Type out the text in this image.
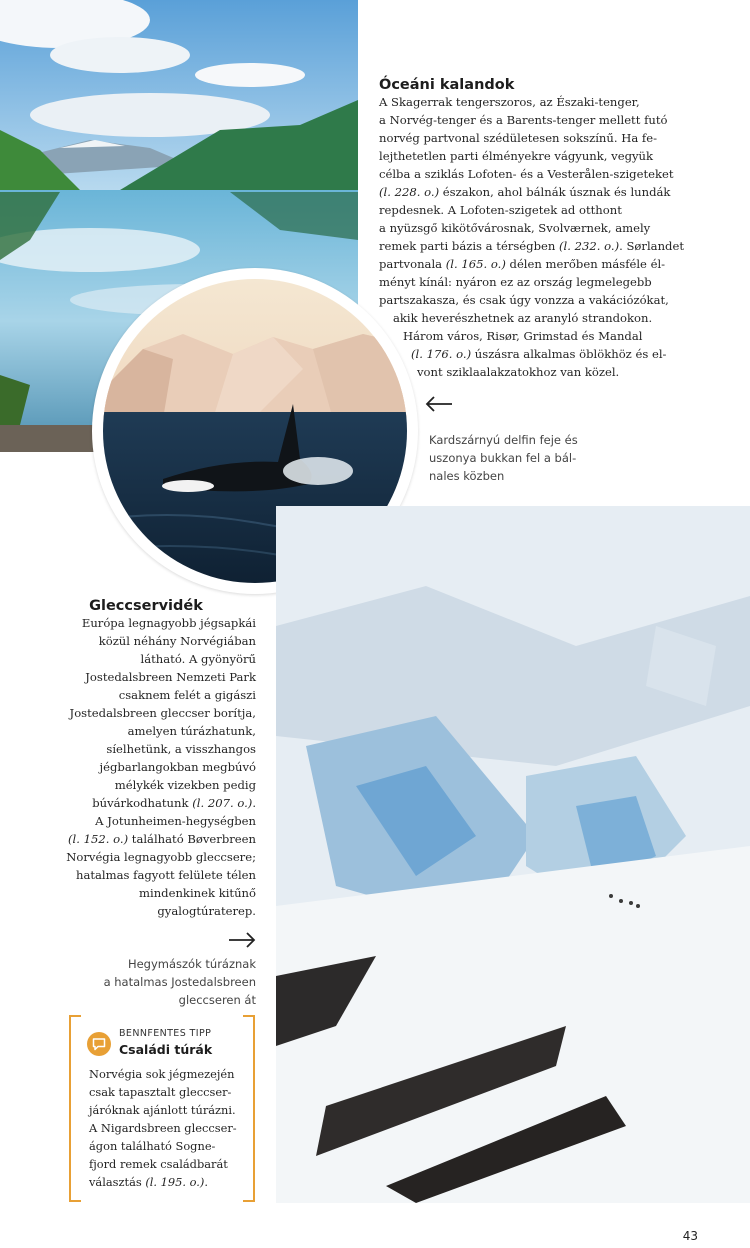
Óceáni kalandok

A Skagerrak tengerszoros, az Északi-tenger,
a Norvég-tenger és a Barents-tenger mellett futó
norvég partvonal szédületesen sokszínű. Ha fe-
lejthetetlen parti élményekre vágyunk, vegyük
célba a sziklás Lofoten- és a Vesterålen-szigeteket
(l. 228. o.) északon, ahol bálnák úsznak és lundák
repdesnek. A Lofoten-szigetek ad otthont
a nyüzsgő kikötővárosnak, Svolværnek, amely
remek parti bázis a térségben (l. 232. o.). Sørlandet
partvonala (l. 165. o.) délen merőben másféle él-
ményt kínál: nyáron ez az ország legmelegebb
partszakasza, és csak úgy vonzza a vakációzókat,
akik heverészhetnek az aranyló strandokon.
Három város, Risør, Grimstad és Mandal
(l. 176. o.) úszásra alkalmas öblökhöz és el-
vont sziklaalakzatokhoz van közel.

Kardszárnyú delfin feje és
uszonya bukkan fel a bál-
nales közben

Gleccservidék

Európa legnagyobb jégsapkái
közül néhány Norvégiában
látható. A gyönyörű
Jostedalsbreen Nemzeti Park
csaknem felét a gigászi
Jostedalsbreen gleccser borítja,
amelyen túrázhatunk,
síelhetünk, a visszhangos
jégbarlangokban megbúvó
mélykék vizekben pedig
búvárkodhatunk (l. 207. o.).
A Jotunheimen-hegységben
(l. 152. o.) található Bøverbreen
Norvégia legnagyobb gleccsere;
hatalmas fagyott felülete télen
mindenkinek kitűnő
gyalogtúraterep.

Hegymászók túráznak
a hatalmas Jostedalsbreen
gleccseren át

BENNFENTES TIPP
Családi túrák
Norvégia sok jégmezején
csak tapasztalt gleccser-
járóknak ajánlott túrázni.
A Nigardsbreen gleccser-
ágon található Sogne-
fjord remek családbarát
választás (l. 195. o.).
43
